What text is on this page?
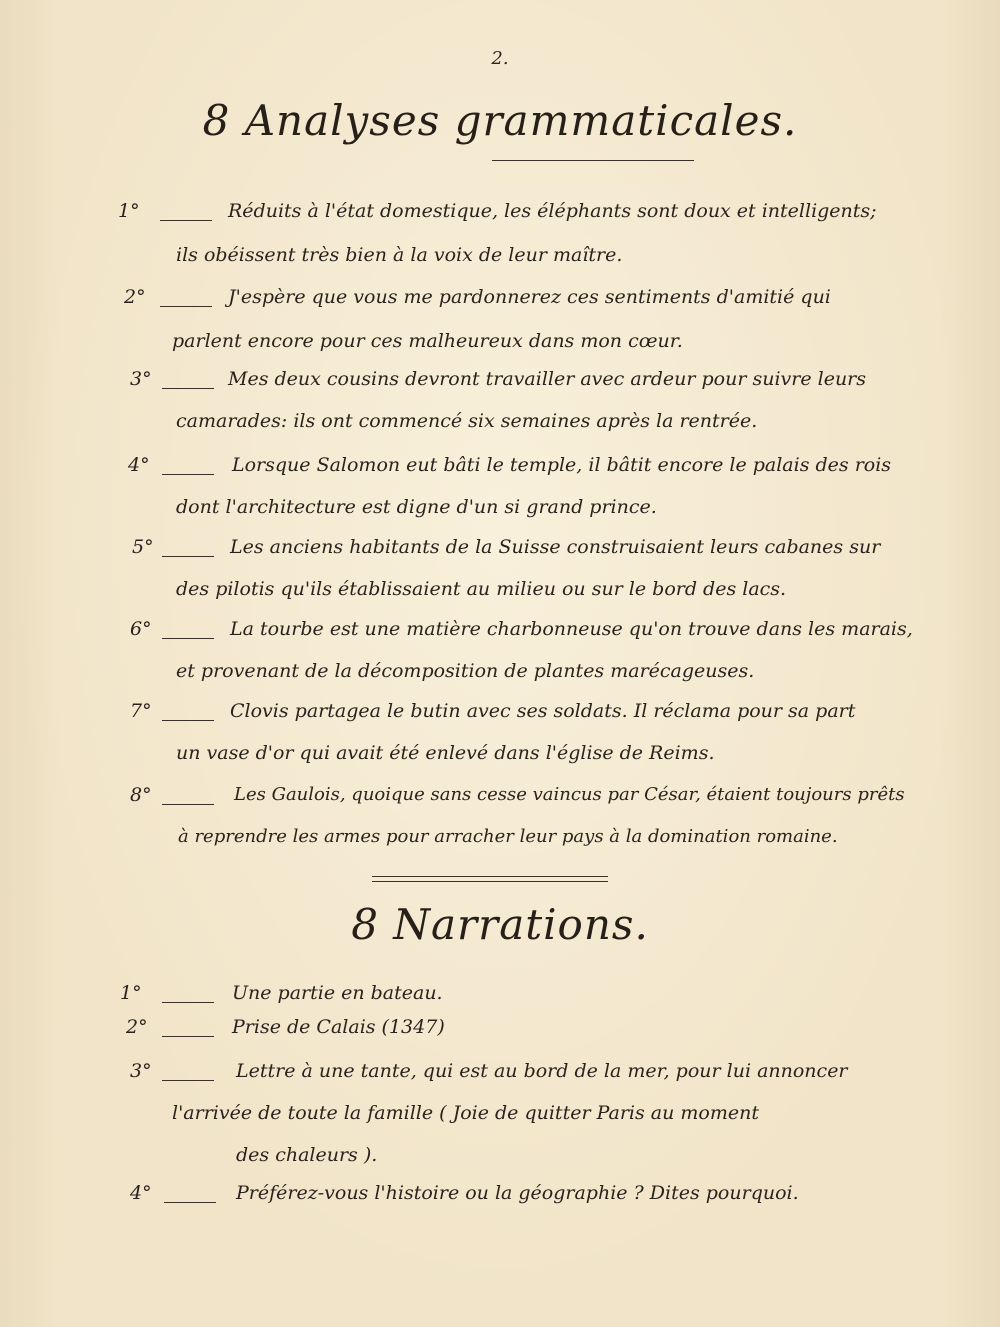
2.
8 Analyses grammaticales.
1°	Réduits à l'état domestique, les éléphants sont doux et intelligents;
ils obéissent très bien à la voix de leur maître.
2°	J'espère que vous me pardonnerez ces sentiments d'amitié qui
parlent encore pour ces malheureux dans mon cœur.
3°	Mes deux cousins devront travailler avec ardeur pour suivre leurs
camarades: ils ont commencé six semaines après la rentrée.
4°	Lorsque Salomon eut bâti le temple, il bâtit encore le palais des rois
dont l'architecture est digne d'un si grand prince.
5°	Les anciens habitants de la Suisse construisaient leurs cabanes sur
des pilotis qu'ils établissaient au milieu ou sur le bord des lacs.
6°	La tourbe est une matière charbonneuse qu'on trouve dans les marais,
et provenant de la décomposition de plantes marécageuses.
7°	Clovis partagea le butin avec ses soldats. Il réclama pour sa part
un vase d'or qui avait été enlevé dans l'église de Reims.
8°	Les Gaulois, quoique sans cesse vaincus par César, étaient toujours prêts
à reprendre les armes pour arracher leur pays à la domination romaine.
8 Narrations.
1°	Une partie en bateau.
2°	Prise de Calais (1347)
3°	Lettre à une tante, qui est au bord de la mer, pour lui annoncer
l'arrivée de toute la famille ( Joie de quitter Paris au moment
des chaleurs ).
4°	Préférez-vous l'histoire ou la géographie ? Dites pourquoi.
